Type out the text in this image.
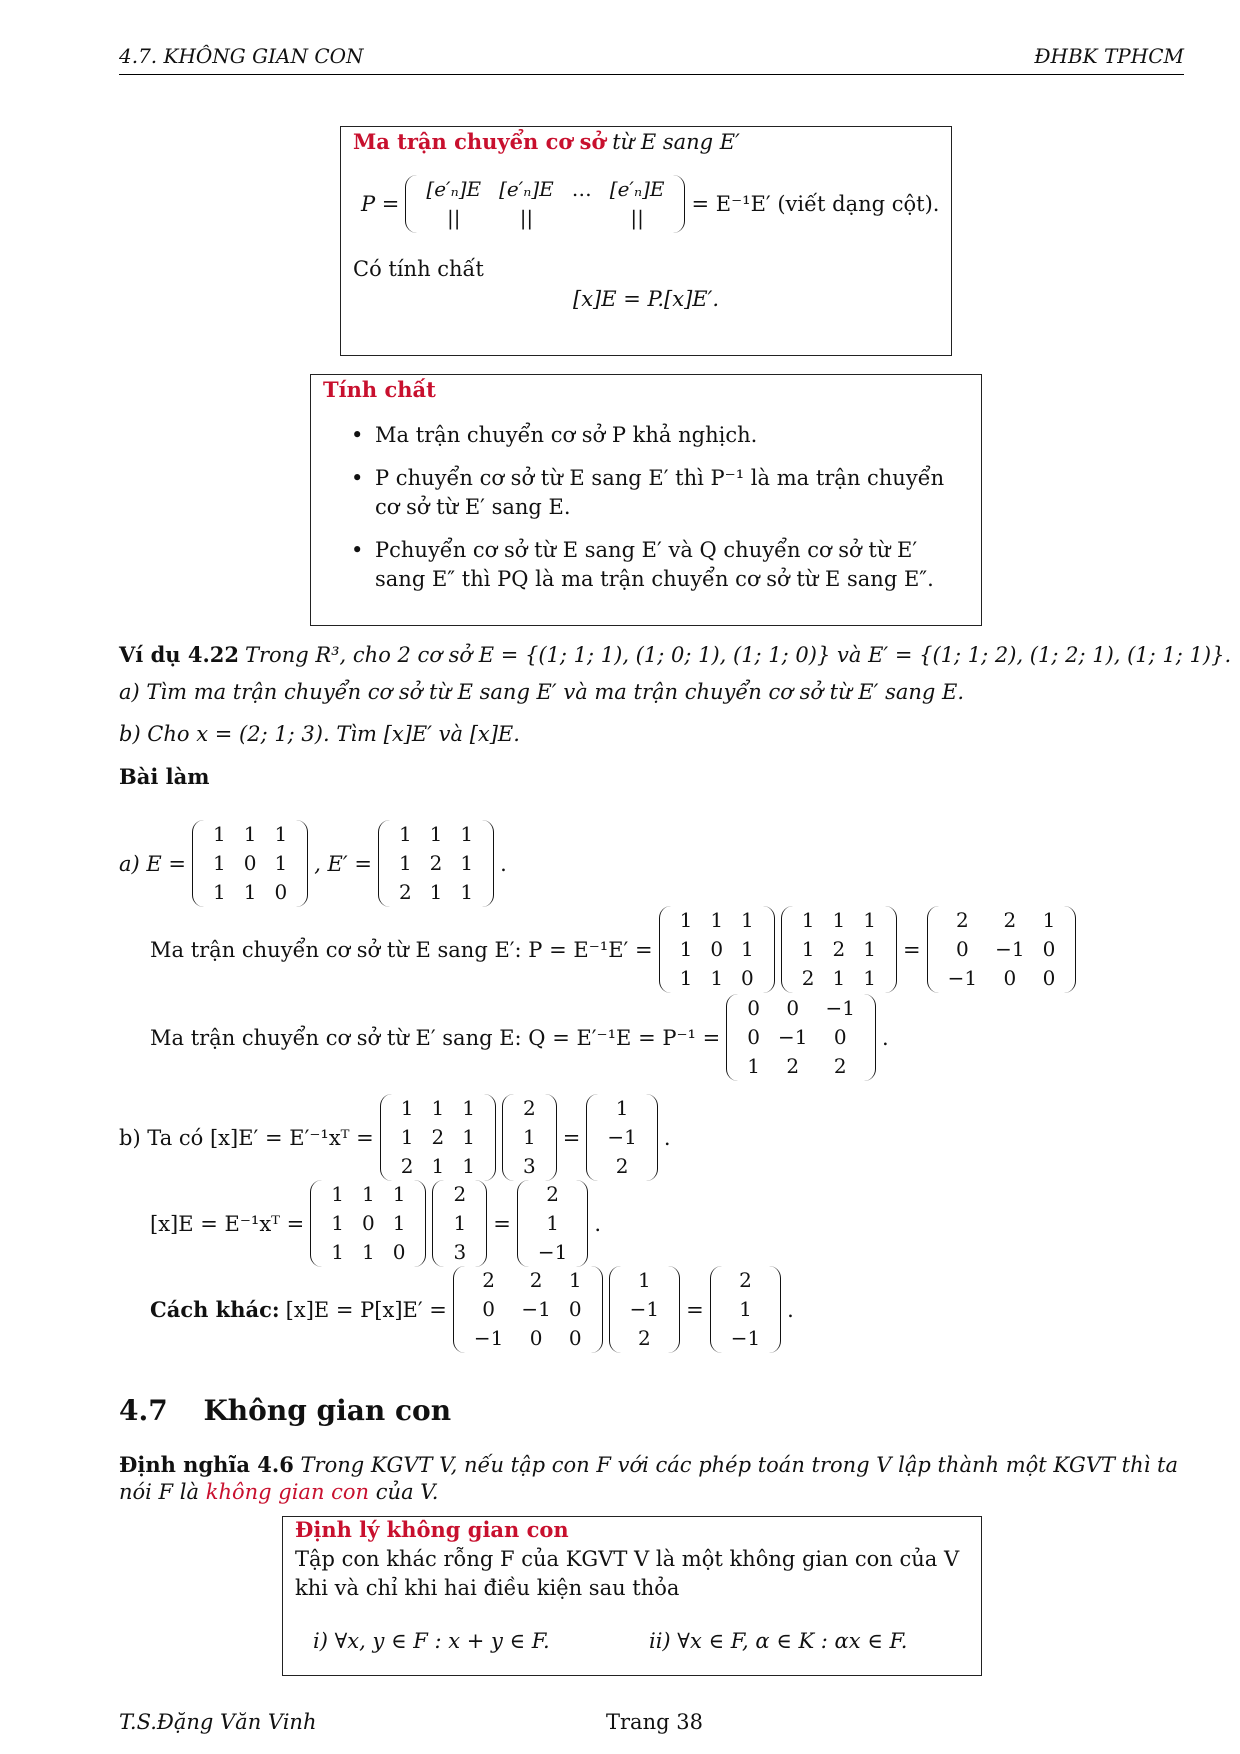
4.7. KHÔNG GIAN CON	ĐHBK TPHCM
Ma trận chuyển cơ sở từ E sang E′
P =
[e′ₙ]E	[e′ₙ]E	…	[e′ₙ]E
||	||		||
= E⁻¹E′ (viết dạng cột).
Có tính chất
[x]E = P.[x]E′.
Tính chất
• Ma trận chuyển cơ sở P khả nghịch.
• P chuyển cơ sở từ E sang E′ thì P⁻¹ là ma trận chuyển cơ sở từ E′ sang E.
• Pchuyển cơ sở từ E sang E′ và Q chuyển cơ sở từ E′ sang E″ thì PQ là ma trận chuyển cơ sở từ E sang E″.
Ví dụ 4.22 Trong R³, cho 2 cơ sở E = {(1; 1; 1), (1; 0; 1), (1; 1; 0)} và E′ = {(1; 1; 2), (1; 2; 1), (1; 1; 1)}.
a) Tìm ma trận chuyển cơ sở từ E sang E′ và ma trận chuyển cơ sở từ E′ sang E.
b) Cho x = (2; 1; 3). Tìm [x]E′ và [x]E.
Bài làm
a) E =
1	1	1
1	0	1
1	1	0
, E′ =
1	1	1
1	2	1
2	1	1
.
Ma trận chuyển cơ sở từ E sang E′: P = E⁻¹E′ =
1	1	1
1	0	1
1	1	0
1	1	1
1	2	1
2	1	1
=
2	2	1
0	−1	0
−1	0	0
Ma trận chuyển cơ sở từ E′ sang E: Q = E′⁻¹E = P⁻¹ =
0	0	−1
0	−1	0
1	2	2
.
b) Ta có [x]E′ = E′⁻¹xᵀ =
1	1	1
1	2	1
2	1	1
2
1
3
=
1
−1
2
.
[x]E = E⁻¹xᵀ =
1	1	1
1	0	1
1	1	0
2
1
3
=
2
1
−1
.
Cách khác: [x]E = P[x]E′ =
2	2	1
0	−1	0
−1	0	0
1
−1
2
=
2
1
−1
.
4.7 Không gian con
Định nghĩa 4.6 Trong KGVT V, nếu tập con F với các phép toán trong V lập thành một KGVT thì ta
nói F là không gian con của V.
Định lý không gian con
Tập con khác rỗng F của KGVT V là một không gian con của V khi và chỉ khi hai điều kiện sau thỏa
i) ∀x, y ∈ F : x + y ∈ F.	ii) ∀x ∈ F, α ∈ K : αx ∈ F.
T.S.Đặng Văn Vinh	Trang 38
